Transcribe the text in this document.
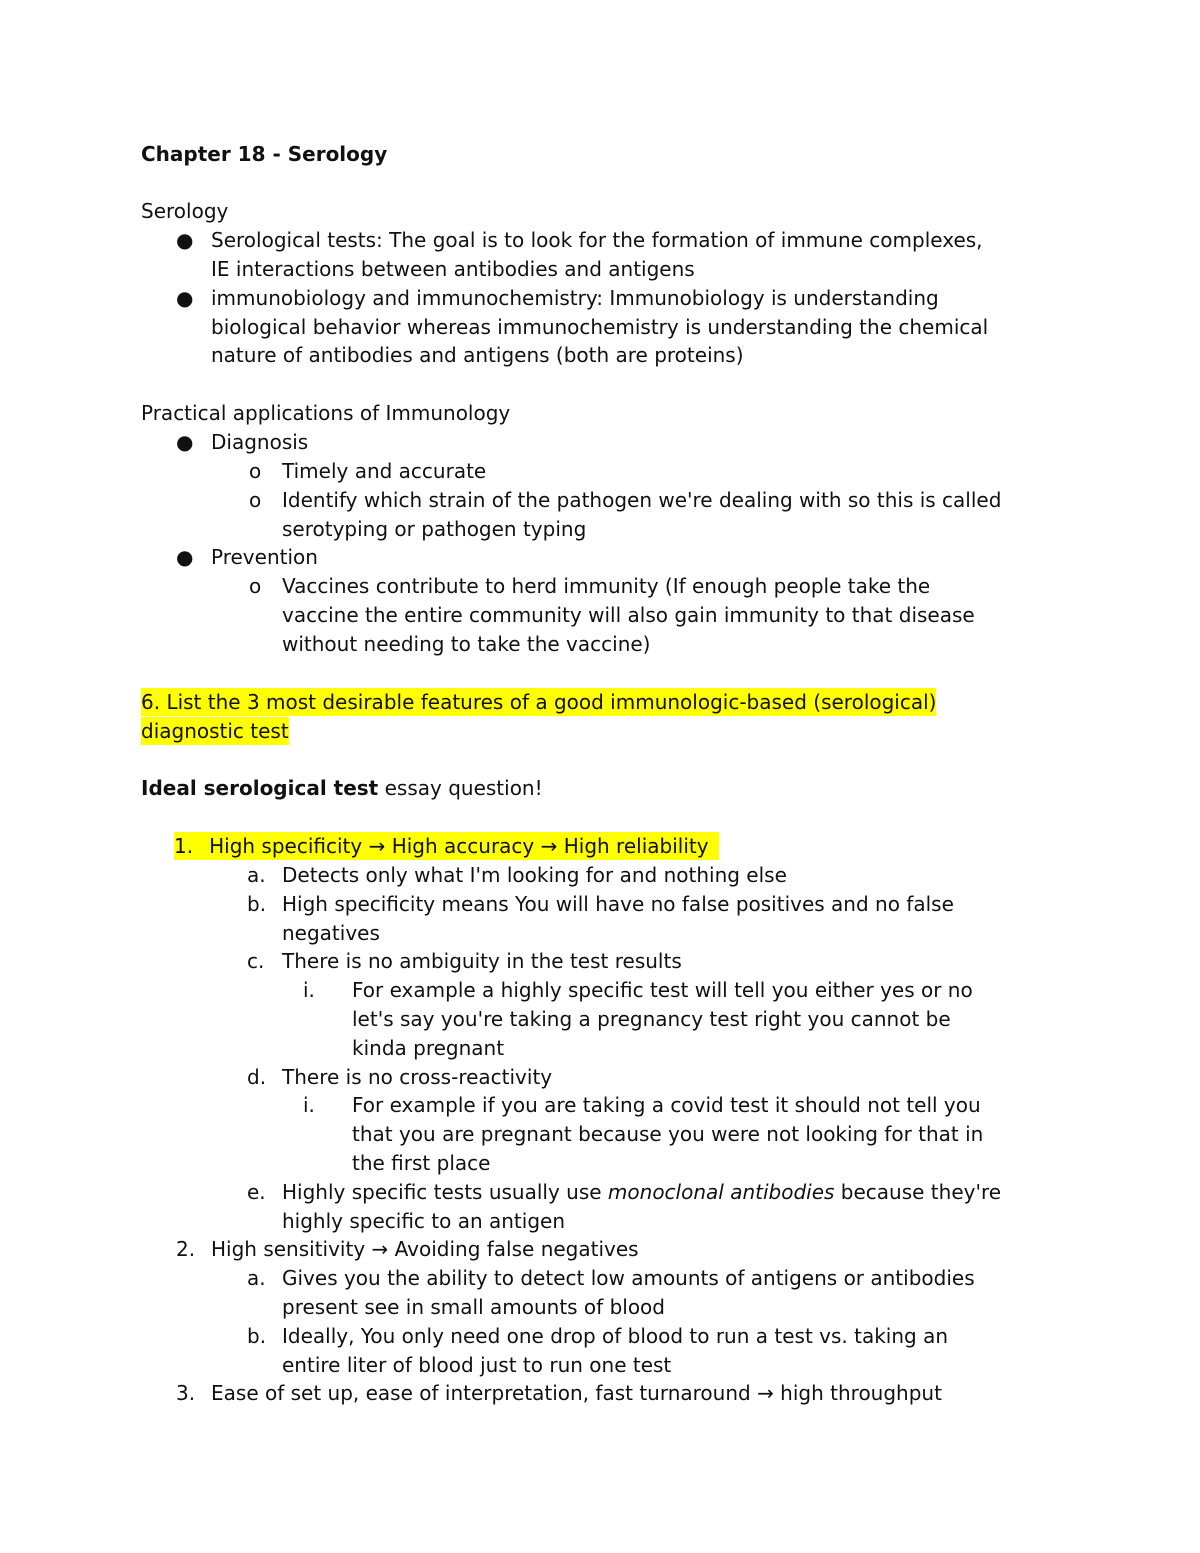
Chapter 18 - Serology
Serology
● Serological tests: The goal is to look for the formation of immune complexes,
IE interactions between antibodies and antigens
● immunobiology and immunochemistry: Immunobiology is understanding
biological behavior whereas immunochemistry is understanding the chemical
nature of antibodies and antigens (both are proteins)
Practical applications of Immunology
● Diagnosis
o Timely and accurate
o Identify which strain of the pathogen we're dealing with so this is called
serotyping or pathogen typing
● Prevention
o Vaccines contribute to herd immunity (If enough people take the
vaccine the entire community will also gain immunity to that disease
without needing to take the vaccine)
6. List the 3 most desirable features of a good immunologic-based (serological)
diagnostic test
Ideal serological test essay question!
1. High specificity → High accuracy → High reliability
a. Detects only what I'm looking for and nothing else
b. High specificity means You will have no false positives and no false
negatives
c. There is no ambiguity in the test results
i. For example a highly specific test will tell you either yes or no
let's say you're taking a pregnancy test right you cannot be
kinda pregnant
d. There is no cross-reactivity
i. For example if you are taking a covid test it should not tell you
that you are pregnant because you were not looking for that in
the first place
e. Highly specific tests usually use monoclonal antibodies because they're
highly specific to an antigen
2. High sensitivity → Avoiding false negatives
a. Gives you the ability to detect low amounts of antigens or antibodies
present see in small amounts of blood
b. Ideally, You only need one drop of blood to run a test vs. taking an
entire liter of blood just to run one test
3. Ease of set up, ease of interpretation, fast turnaround → high throughput
